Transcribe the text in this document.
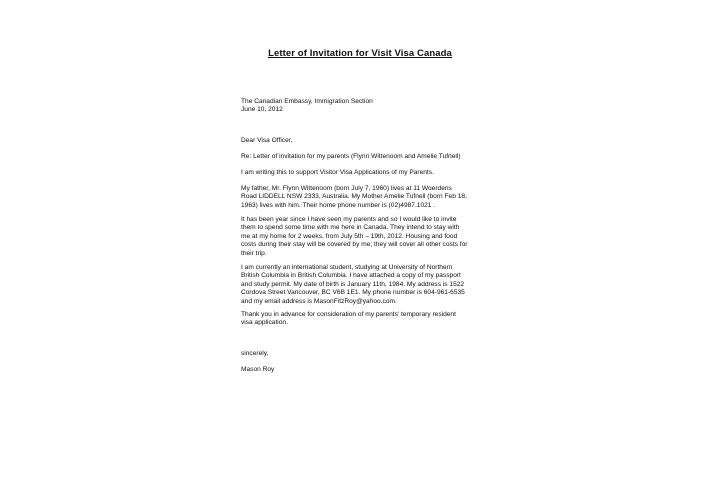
Letter of Invitation for Visit Visa Canada
The Canadian Embassy, Immigration Section
June 10, 2012
Dear Visa Officer,
Re: Letter of invitation for my parents (Flynn Wittenoom and Amelie Tufnell)
I am writing this to support Visitor Visa Applications of my Parents.
My father, Mr. Flynn Wittenoom (born July 7, 1960) lives at 11 Woerdens
Road LIDDELL NSW 2333, Australia. My Mother Amelie Tufnell (born Feb 18,
1963) lives with him. Their home phone number is (02)4987.1021 .
It has been year since I have seen my parents and so I would like to invite
them to spend some time with me here in Canada. They intend to stay with
me at my home for 2 weeks, from July 5th – 19th, 2012. Housing and food
costs during their stay will be covered by me; they will cover all other costs for
their trip.
I am currently an international student, studying at University of Northern
British Columbia in British Columbia. I have attached a copy of my passport
and study permit. My date of birth is January 11th, 1984. My address is 1522
Cordova Street Vancouver, BC V6B 1E1. My phone number is 604-961-6535
and my email address is MasonFitzRoy@yahoo.com.
Thank you in advance for consideration of my parents' temporary resident
visa application.
sincerely,
Mason Roy
